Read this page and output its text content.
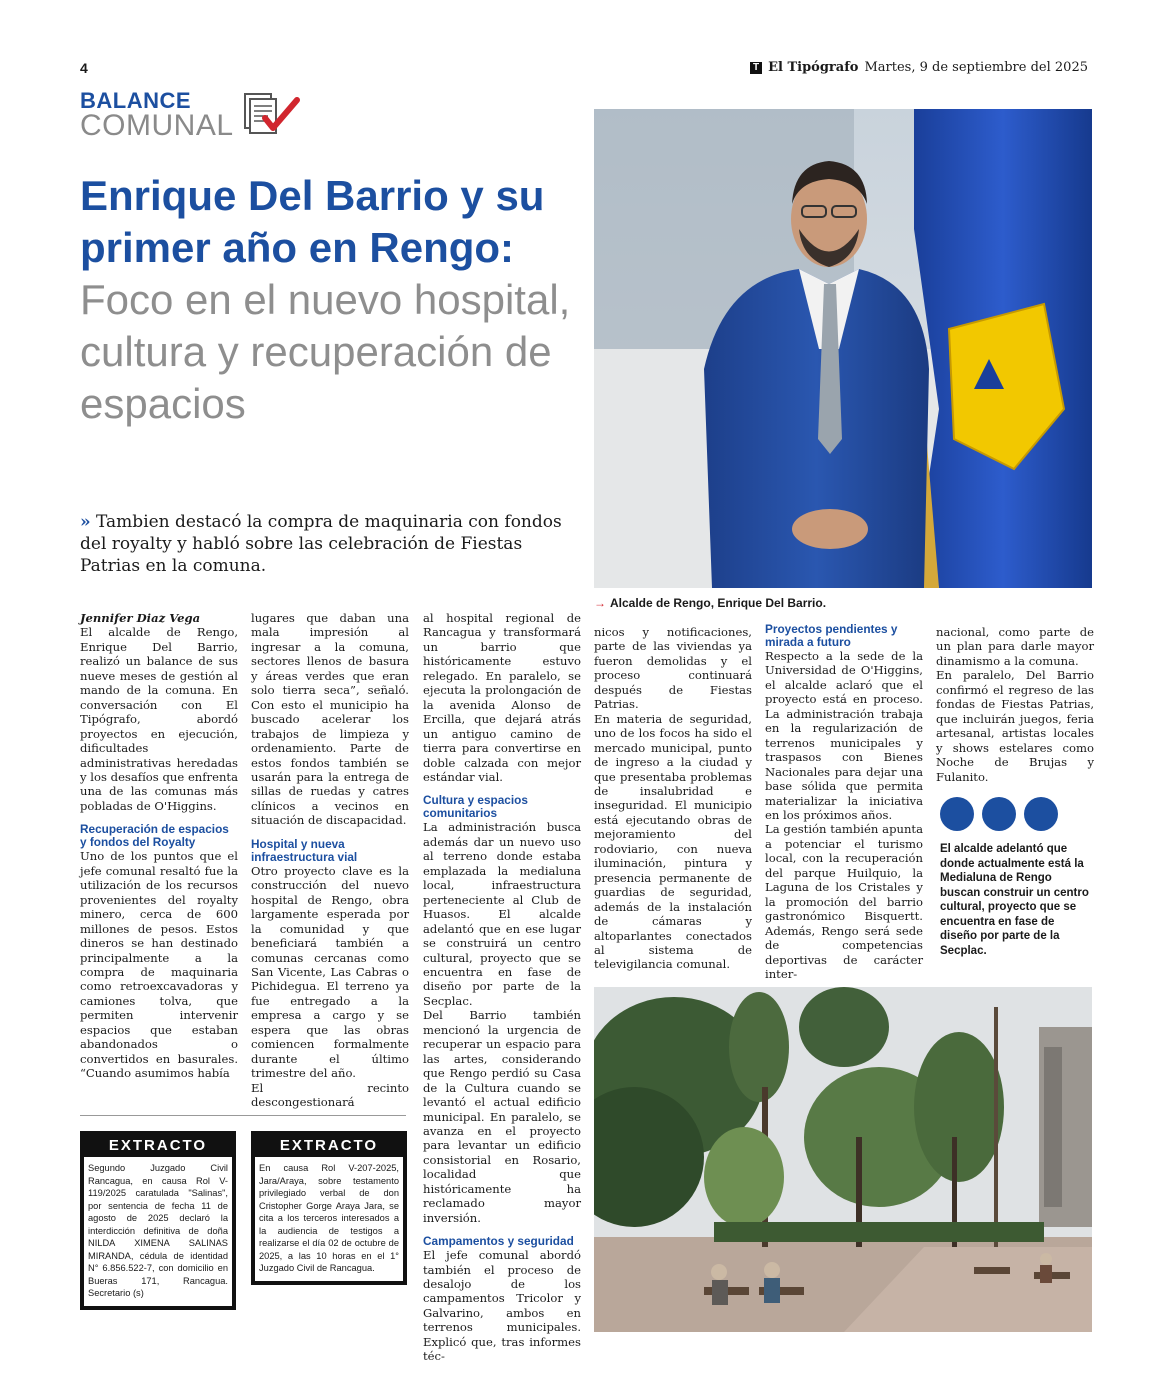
4	T El Tipógrafo Martes, 9 de septiembre del 2025
BALANCE
COMUNAL
Enrique Del Barrio y su primer año en Rengo: Foco en el nuevo hospital, cultura y recuperación de espacios
→ Alcalde de Rengo, Enrique Del Barrio.
» Tambien destacó la compra de maquinaria con fondos del royalty y habló sobre las celebración de Fiestas Patrias en la comuna.

Jennifer Diaz Vega

El alcalde de Rengo, Enrique Del Barrio, realizó un balance de sus nueve meses de gestión al mando de la comuna. En conversación con El Tipógrafo, abordó proyectos en ejecución, dificultades administrativas heredadas y los desafíos que enfrenta una de las comunas más pobladas de O'Higgins.

Recuperación de espacios y fondos del Royalty

Uno de los puntos que el jefe comunal resaltó fue la utilización de los recursos provenientes del royalty minero, cerca de 600 millones de pesos. Estos dineros se han destinado principalmente a la compra de maquinaria como retroexcavadoras y camiones tolva, que permiten intervenir espacios que estaban abandonados o convertidos en basurales. “Cuando asumimos había

lugares que daban una mala impresión al ingresar a la comuna, sectores llenos de basura y áreas verdes que eran solo tierra seca”, señaló. Con esto el municipio ha buscado acelerar los trabajos de limpieza y ordenamiento. Parte de estos fondos también se usarán para la entrega de sillas de ruedas y catres clínicos a vecinos en situación de discapacidad.

Hospital y nueva infraestructura vial

Otro proyecto clave es la construcción del nuevo hospital de Rengo, obra largamente esperada por la comunidad y que beneficiará también a comunas cercanas como San Vicente, Las Cabras o Pichidegua. El terreno ya fue entregado a la empresa a cargo y se espera que las obras comiencen formalmente durante el último trimestre del año.

El recinto descongestionará

al hospital regional de Rancagua y transformará un barrio que históricamente estuvo relegado. En paralelo, se ejecuta la prolongación de la avenida Alonso de Ercilla, que dejará atrás un antiguo camino de tierra para convertirse en doble calzada con mejor estándar vial.

Cultura y espacios comunitarios

La administración busca además dar un nuevo uso al terreno donde estaba emplazada la medialuna local, infraestructura perteneciente al Club de Huasos. El alcalde adelantó que en ese lugar se construirá un centro cultural, proyecto que se encuentra en fase de diseño por parte de la Secplac.

Del Barrio también mencionó la urgencia de recuperar un espacio para las artes, considerando que Rengo perdió su Casa de la Cultura cuando se levantó el actual edificio municipal. En paralelo, se avanza en el proyecto para levantar un edificio consistorial en Rosario, localidad que históricamente ha reclamado mayor inversión.

Campamentos y seguridad

El jefe comunal abordó también el proceso de desalojo de los campamentos Tricolor y Galvarino, ambos en terrenos municipales. Explicó que, tras informes téc-

nicos y notificaciones, parte de las viviendas ya fueron demolidas y el proceso continuará después de Fiestas Patrias.

En materia de seguridad, uno de los focos ha sido el mercado municipal, punto de ingreso a la ciudad y que presentaba problemas de insalubridad e inseguridad. El municipio está ejecutando obras de mejoramiento del rodoviario, con nueva iluminación, pintura y presencia permanente de guardias de seguridad, además de la instalación de cámaras y altoparlantes conectados al sistema de televigilancia comunal.

Proyectos pendientes y mirada a futuro

Respecto a la sede de la Universidad de O'Higgins, el alcalde aclaró que el proyecto está en proceso. La administración trabaja en la regularización de terrenos municipales y traspasos con Bienes Nacionales para dejar una base sólida que permita materializar la iniciativa en los próximos años.

La gestión también apunta a potenciar el turismo local, con la recuperación del parque Huilquio, la Laguna de los Cristales y la promoción del barrio gastronómico Bisquertt. Además, Rengo será sede de competencias deportivas de carácter inter-

nacional, como parte de un plan para darle mayor dinamismo a la comuna.

En paralelo, Del Barrio confirmó el regreso de las fondas de Fiestas Patrias, que incluirán juegos, feria artesanal, artistas locales y shows estelares como Noche de Brujas y Fulanito.

El alcalde adelantó que donde actualmente está la Medialuna de Rengo buscan construir un centro cultural, proyecto que se encuentra en fase de diseño por parte de la Secplac.
EXTRACTO
Segundo Juzgado Civil Rancagua, en causa Rol V-119/2025 caratulada "Salinas", por sentencia de fecha 11 de agosto de 2025 declaró la interdicción definitiva de doña NILDA XIMENA SALINAS MIRANDA, cédula de identidad N° 6.856.522-7, con domicilio en Bueras 171, Rancagua. Secretario (s)
EXTRACTO
En causa Rol V-207-2025, Jara/Araya, sobre testamento privilegiado verbal de don Cristopher Gorge Araya Jara, se cita a los terceros interesados a la audiencia de testigos a realizarse el día 02 de octubre de 2025, a las 10 horas en el 1° Juzgado Civil de Rancagua.
